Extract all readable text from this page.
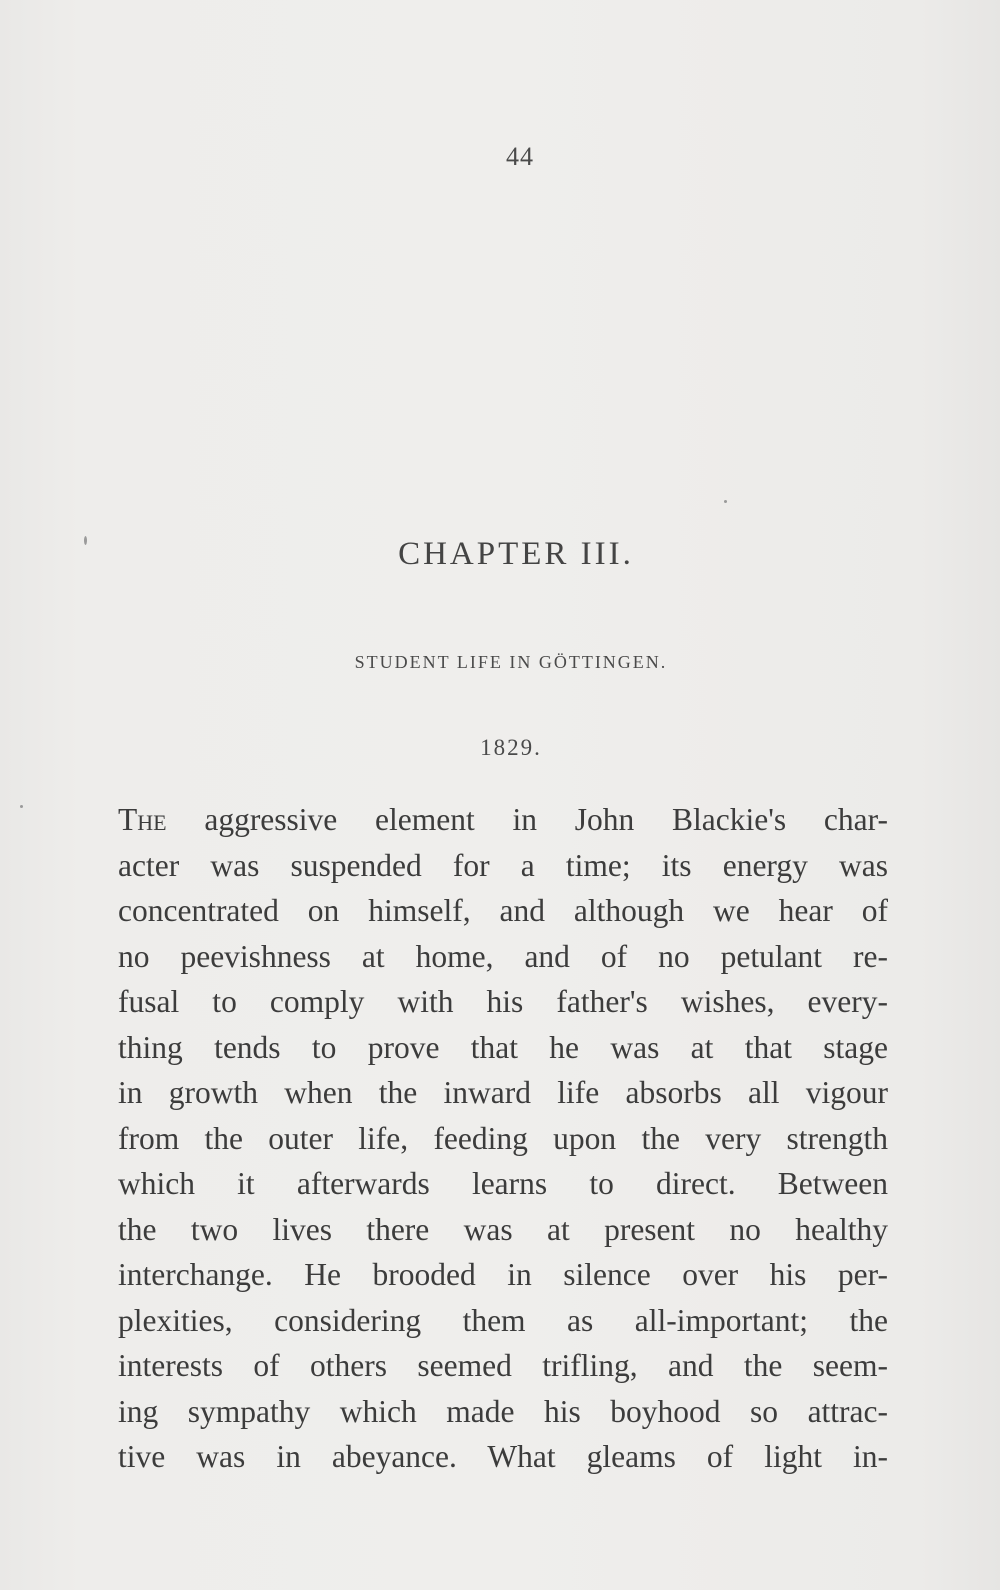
44
CHAPTER III.
STUDENT LIFE IN GÖTTINGEN.
1829.
The aggressive element in John Blackie's char-
acter was suspended for a time; its energy was
concentrated on himself, and although we hear of
no peevishness at home, and of no petulant re-
fusal to comply with his father's wishes, every-
thing tends to prove that he was at that stage
in growth when the inward life absorbs all vigour
from the outer life, feeding upon the very strength
which it afterwards learns to direct. Between
the two lives there was at present no healthy
interchange. He brooded in silence over his per-
plexities, considering them as all-important; the
interests of others seemed trifling, and the seem-
ing sympathy which made his boyhood so attrac-
tive was in abeyance. What gleams of light in-
